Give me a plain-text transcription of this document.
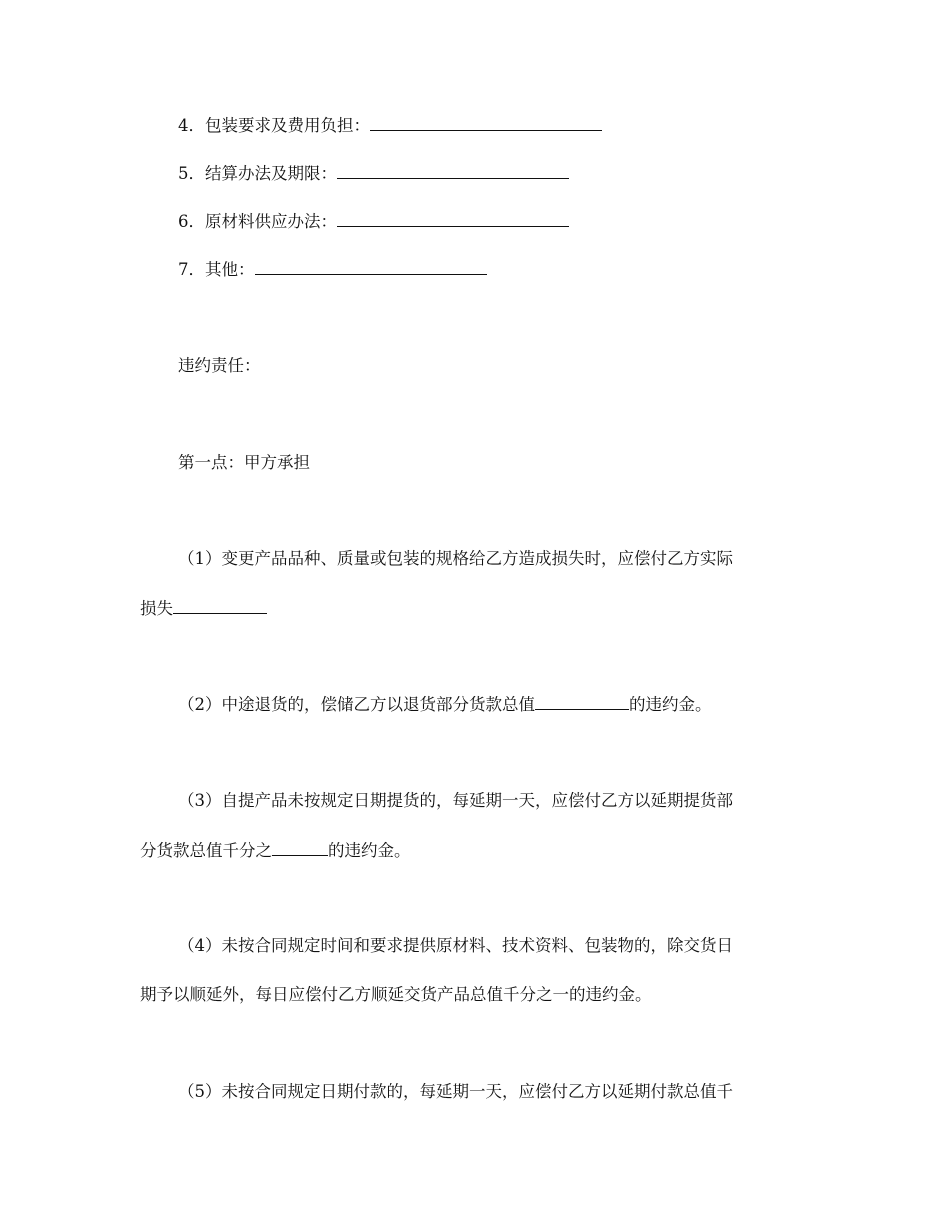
4．包装要求及费用负担：
5．结算办法及期限：
6．原材料供应办法：
7．其他：
违约责任：
第一点：甲方承担
（1）变更产品品种、质量或包装的规格给乙方造成损失时，应偿付乙方实际
损失
（2）中途退货的，偿储乙方以退货部分货款总值	的违约金。
（3）自提产品未按规定日期提货的，每延期一天，应偿付乙方以延期提货部
分货款总值千分之	的违约金。
（4）未按合同规定时间和要求提供原材料、技术资料、包装物的，除交货日
期予以顺延外，每日应偿付乙方顺延交货产品总值千分之一的违约金。
（5）未按合同规定日期付款的，每延期一天，应偿付乙方以延期付款总值千
